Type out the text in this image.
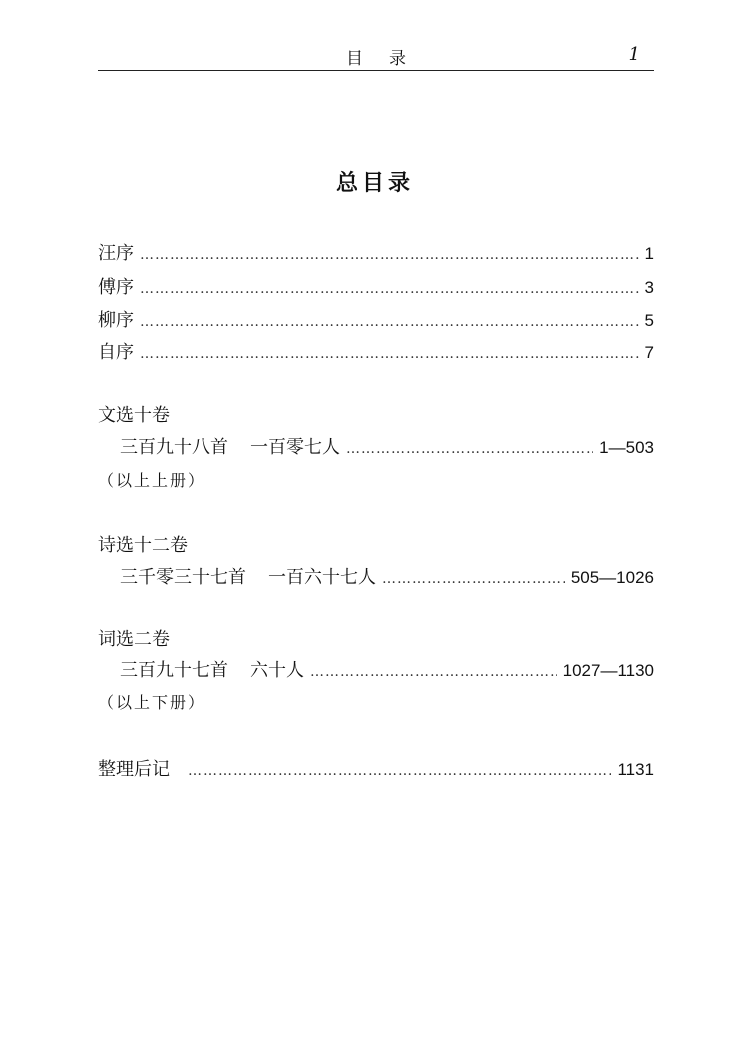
目录	1
总目录
汪序 ………………………………………………………………………………………………………………	1
傅序 ………………………………………………………………………………………………………………	3
柳序 ………………………………………………………………………………………………………………	5
自序 ………………………………………………………………………………………………………………	7
文选十卷
三百九十八首 一百零七人 ………………………………………………………………………………………………………………	1—503
（以上上册）
诗选十二卷
三千零三十七首 一百六十七人 ………………………………………………………………………………………………………………	505—1026
词选二卷
三百九十七首 六十人 ………………………………………………………………………………………………………………	1027—1130
（以上下册）
整理后记 ………………………………………………………………………………………………………………	1131
